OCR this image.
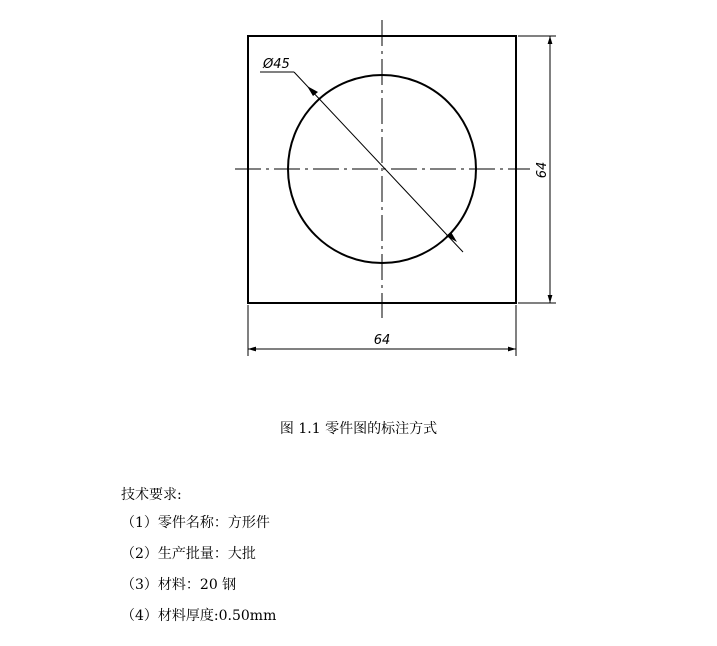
Ø45
64
64
图 1.1 零件图的标注方式
技术要求:
（1）零件名称：方形件
（2）生产批量：大批
（3）材料：20 钢
（4）材料厚度:0.50mm
